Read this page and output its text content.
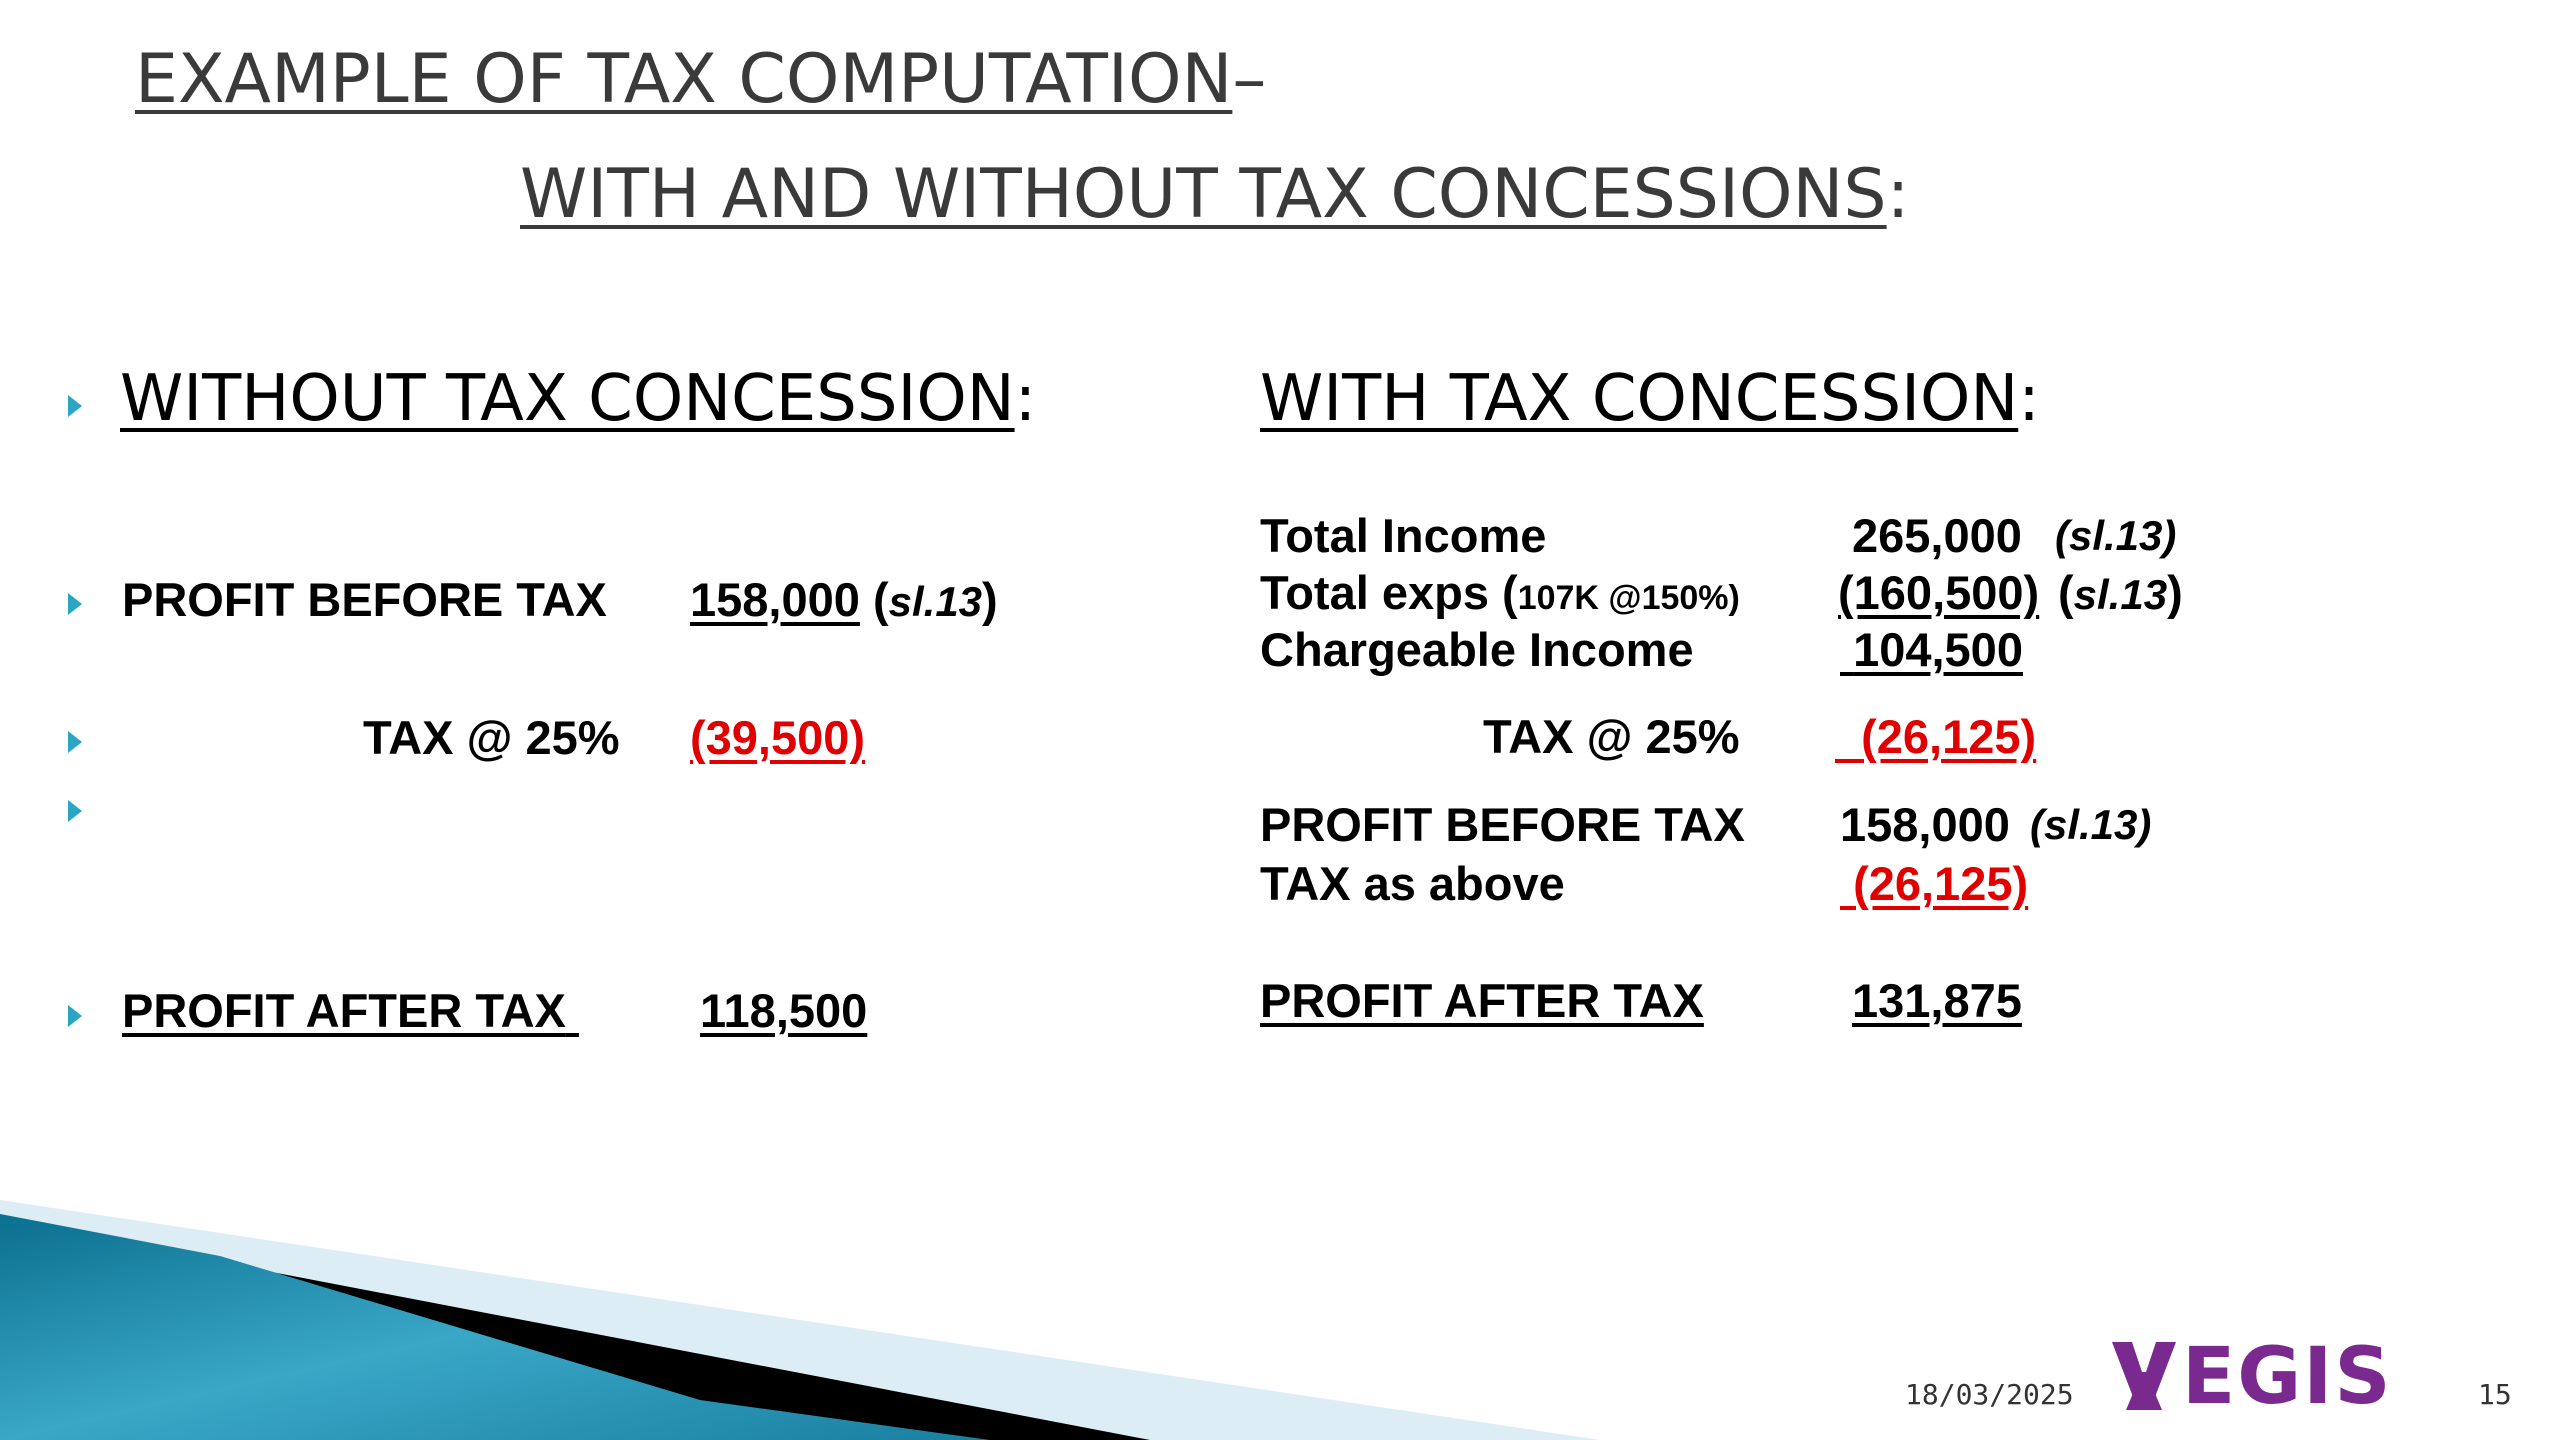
EXAMPLE OF TAX COMPUTATION–
WITH AND WITHOUT TAX CONCESSIONS:
WITHOUT TAX CONCESSION:
PROFIT BEFORE TAX 158,000 (sl.13)
TAX @ 25% (39,500)
PROFIT AFTER TAX	118,500
WITH TAX CONCESSION:
Total Income	265,000 (sl.13)
Total exps (107K @150%) (160,500) (sl.13)
Chargeable Income	104,500
TAX @ 25%	(26,125)
PROFIT BEFORE TAX 158,000 (sl.13)
TAX as above	(26,125)
PROFIT AFTER TAX	131,875
18/03/2025 EGIS	15
